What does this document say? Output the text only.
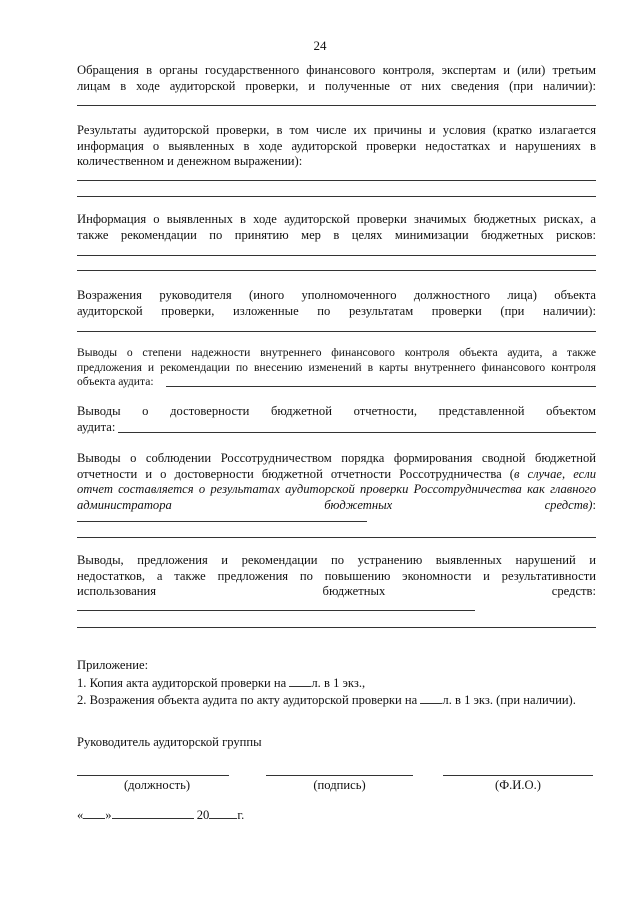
24
Обращения в органы государственного финансового контроля, экспертам и (или) третьим
лицам в ходе аудиторской проверки, и полученные от них сведения (при наличии):
Результаты аудиторской проверки, в том числе их причины и условия (кратко излагается
информация о выявленных в ходе аудиторской проверки недостатках и нарушениях в
количественном и денежном выражении):
Информация о выявленных в ходе аудиторской проверки значимых бюджетных рисках, а
также рекомендации по принятию мер в целях минимизации бюджетных рисков:
Возражения руководителя (иного уполномоченного должностного лица) объекта
аудиторской проверки, изложенные по результатам проверки (при наличии):
Выводы о степени надежности внутреннего финансового контроля объекта аудита, а также
предложения и рекомендации по внесению изменений в карты внутреннего финансового контроля
объекта аудита:
Выводы о достоверности бюджетной отчетности, представленной объектом
аудита:
Выводы о соблюдении Россотрудничеством порядка формирования сводной бюджетной
отчетности и о достоверности бюджетной отчетности Россотрудничества (в случае, если
отчет составляется о результатах аудиторской проверки Россотрудничества как главного
администратора	бюджетных	средств):
Выводы, предложения и рекомендации по устранению выявленных нарушений и
недостатков, а также предложения по повышению экономности и результативности
использования	бюджетных	средств:
Приложение:
1. Копия акта аудиторской проверки на л. в 1 экз.,
2. Возражения объекта аудита по акту аудиторской проверки на л. в 1 экз. (при наличии).
Руководитель аудиторской группы
(должность)	(подпись)	(Ф.И.О.)
« »	20 г.
